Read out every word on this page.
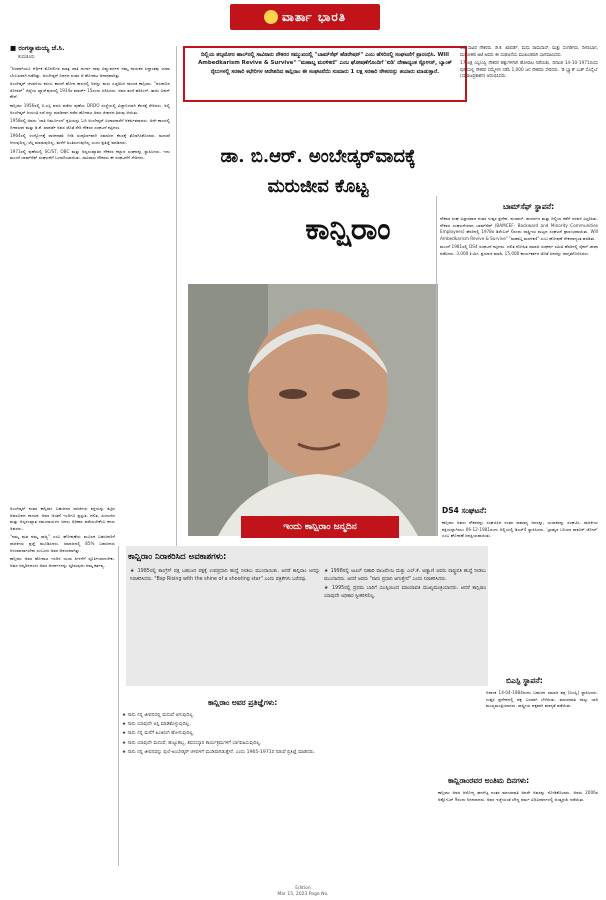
ವಾರ್ತಾ ಭಾರತಿ
■ ರಂಗಸ್ವಾಮಯ್ಯ ಜೆ.ಸಿ.
ತುಮಕೂರು

"ನಿಜವಾಗಿಯೂ ಆರ್ಥಿಕ ಮೊದಲಿಗರ ಮಾತ್ರ ಜಾತಿ ದುರ್ಗಾ ನಾವು ವಿಷ್ಣುವರ್ಧನ ನಮ್ಮ ನಾಯಕರ ಸಿದ್ಧಾಂತವು ಯಾವ ಬೆಂಬಲವಾಗಿ ನಡೆದಿತ್ತು. ಅಂಬೇಡ್ಕರ್ ನಿಧನದ ನಂತರ ಆ ಹೋರಾಟ ಅನಾಥವಾಗಿತ್ತು.

ಅಂಬೇಡ್ಕರ್ ಚಳವಳಿಯ ಕರುಳು ಕಾಣದೆ ಹೋದ ಕಾಲದಲ್ಲಿ ಅದನ್ನು ಮರು ಎಚ್ಚರಿಸಿದ ನಾಯಕ ಕಾನ್ಷಿರಾಂ. "ಪಂಜಾಬಿನ ರೋಪರ್" ಜಿಲ್ಲೆಯ ಖ್ವಾಸ್‌ಪುರದಲ್ಲಿ 1934ರ ಮಾರ್ಚ್ 15ರಂದು ಜನಿಸಿದರು. ಅವರ ತಂದೆ ಹರಿಸಿಂಗ್, ತಾಯಿ ಬಿಷನ್ ಕೌರ್.

ಕಾನ್ಷಿರಾಂ 1956ರಲ್ಲಿ ಬಿ.ಎಸ್ಸಿ ಪದವಿ ಪಡೆದು ಪುಣೆಯ DRDO ಸಂಸ್ಥೆಯಲ್ಲಿ ವಿಜ್ಞಾನಿಯಾಗಿ ಕೆಲಸಕ್ಕೆ ಸೇರಿದರು. ಅಲ್ಲಿ ಅಂಬೇಡ್ಕರ್ ಜಯಂತಿ ರಜೆ ರದ್ದು ಮಾಡಿದಾಗ ನಡೆದ ಹೋರಾಟ ಅವರ ಜೀವನದ ತಿರುವು ಆಯಿತು.

1958ರಲ್ಲಿ ಅವರು 'ಜಾತಿ ನಿರ್ಮೂಲನೆ' ಕೃತಿಯನ್ನು ಓದಿ ಅಂಬೇಡ್ಕರ್ ವಿಚಾರಧಾರೆಗೆ ಆಕರ್ಷಿತರಾದರು. ಅದೇ ಕಾಲದಲ್ಲಿ ದೀನಾಭಾನ ಮತ್ತು ಡಿ.ಕೆ. ಖಾಪರ್ಡೆ ಅವರ ಜೊತೆ ಸೇರಿ ನೌಕರರ ಸಂಘಟನೆ ಕಟ್ಟಿದರು.

1964ರಲ್ಲಿ ಉದ್ಯೋಗಕ್ಕೆ ರಾಜೀನಾಮೆ ನೀಡಿ ಸಂಪೂರ್ಣವಾಗಿ ಸಮಾಜದ ಕೆಲಸಕ್ಕೆ ತೊಡಗಿಸಿಕೊಂಡರು. ಮದುವೆ ಆಗುವುದಿಲ್ಲ, ಆಸ್ತಿ ಮಾಡುವುದಿಲ್ಲ, ಮನೆಗೆ ಹಿಂತಿರುಗುವುದಿಲ್ಲ ಎಂದು ಪ್ರತಿಜ್ಞೆ ಮಾಡಿದರು.

1971ರಲ್ಲಿ ಪುಣೆಯಲ್ಲಿ SC/ST, OBC ಮತ್ತು ಅಲ್ಪಸಂಖ್ಯಾತರ ನೌಕರರ ಕಲ್ಯಾಣ ಸಂಘವನ್ನು ಸ್ಥಾಪಿಸಿದರು. ಇದು ಮುಂದೆ ಬಾಮ್‌ಸೆಫ್ ಸಂಘಟನೆಗೆ ಬುನಾದಿಯಾಯಿತು. ಸಾವಿರಾರು ನೌಕರರು ಈ ಸಂಘಟನೆಗೆ ಸೇರಿದರು.

ಅಂಬೇಡ್ಕರ್ ನಂತರ ಕಾನ್ಷಿರಾಂ ಬಹುಜನರ ರಾಜಕೀಯ ಶಕ್ತಿಯನ್ನು ಕಟ್ಟಿದ ಅಪರೂಪದ ನಾಯಕ. ಅವರ ಚಿಂತನೆ ಇಂದಿಗೂ ಪ್ರಸ್ತುತ. ದಲಿತ, ಹಿಂದುಳಿದ ಮತ್ತು ಅಲ್ಪಸಂಖ್ಯಾತ ಸಮುದಾಯಗಳ ಜನರು ಅಧಿಕಾರ ಪಡೆಯಬೇಕೆಂಬ ಕನಸು ಅವರದು.

"ನಮ್ಮ ಮತ ನಮ್ಮ ರಾಜ್ಯ" ಎಂಬ ಘೋಷಣೆಯ ಮೂಲಕ ಬಹುಜನರಿಗೆ ರಾಜಕೀಯ ಪ್ರಜ್ಞೆ ಮೂಡಿಸಿದರು. ಸಮಾಜದಲ್ಲಿ 85% ಬಹುಜನರು ಆಳುವವರಾಗಬೇಕು ಎಂಬುದು ಅವರ ಆಶಯವಾಗಿತ್ತು.

ಕಾನ್ಷಿರಾಂ ಅವರ ಹೋರಾಟ ಇಂದಿನ ಯುವ ಪೀಳಿಗೆಗೆ ಸ್ಫೂರ್ತಿಯಾಗಬೇಕು. ಅವರ ಜನ್ಮದಿನದಂದು ಅವರ ಆದರ್ಶಗಳನ್ನು ಸ್ಮರಿಸುವುದು ನಮ್ಮ ಕರ್ತವ್ಯ.

ದಿಲ್ಲಿಯ ತಲ್ಕಟೋರ ಹಾಲ್‌ನಲ್ಲಿ ಸಾವಿರಾರು ನೌಕರರ ಸಮ್ಮುಖದಲ್ಲಿ "ಬಾಮ್‌ಸೆಫ್‌ ಹೆಡರೇಷನ್" ಎಂಬ ಹೆಸರಿನಲ್ಲಿ ಸಂಘಟನೆಗೆ ಪ್ರಾರಂಭಿಸಿ. Will Ambedkarism Revive & Survive" "ಮಹಾಬ್ದ ಮರಳಿಕಣಿ" ಎಂಬ ಘೋಷಣೆಗೊಂದಿಗೆ 'ಐಡಿ' ದೇಶಾದ್ಯಂತ ಸ್ಲೋಗನ್, ಬ್ಯಾಂಕ್ ರೈಲುಗಳಲ್ಲಿ ಸರಕಾರಿ ಕಛೇರಿಗಳ ಆದೇಶದಿದ ಕಾನ್ಷಿರಾಂ ಈ ಸಂಘಟನೆಯಿ ಸುಮಾರು 1 ಲಕ್ಷ ಸರಕಾರಿ ನೌಕರರನ್ನು ತಯಾರು ಮಾಡುತ್ತಾರೆ.
ಡಾ. ಬಿ.ಆರ್. ಅಂಬೇಡ್ಕರ್‌ವಾದಕ್ಕೆ
ಮರುಜೀವ ಕೊಟ್ಟ
ಕಾನ್ಷಿರಾಂ
ಇಂದು ಕಾನ್ಷಿರಾಂ ಜನ್ಮದಿನ

50 ಸಾವಿರ ನೌಕರರು. ಡಿ.ಕೆ. ಖಾಪರ್ಡೆ, ಮಧು ರಾಮದಾಸ್, ಮತ್ತು ಸಂಗಡಿಗರು, ದೀನಾಭಾನ, ಮನೋಹರ ಅಟೆ ಅವರು ಈ ಸಂಘಟನೆಯ ಮುಖಂಡರಾಗಿ ಭಾಗವಹಿಸಿದರು.

17 ಲಕ್ಷ ಎಸ್ಸಿ/ಎಸ್ಟಿ ನೌಕರರ ಹಕ್ಕುಗಳಿಗಾಗಿ ಹೋರಾಟ ನಡೆಯಿತು. ದಿನಾಂಕ 14-10-1971ರಂದು ಪುಣೆಯಲ್ಲಿ ನೌಕರರ ಸಮ್ಮೇಳನ ನಡೆಸಿ 1,000 ಜನ ನೌಕರರು ಸೇರಿದರು. 'ಡಿ ಬ್ಲ್ಯಾಕ್ ಬುಕ್ ಸೊಸೈಟಿ' (ಸಮಾಜಪ್ರಕಾಶನ) ಆರಂಭಿಸಿದರು.

ಬಾಮ್‌ಸೆಫ್ ಸ್ಥಾಪನೆ:

ನೌಕರರ ಸಂಘ ವಿಸ್ತಾರವಾದ ನಂತರ ಉತ್ತರ ಪ್ರದೇಶ, ಪಂಜಾಬ್, ಹರ್ಯಾಣ ಮತ್ತು ದಿಲ್ಲಿಯ ಕಡೆಗೆ ಚಳವಳಿ ವಿಸ್ತರಿಸಿತು. ನೌಕರರ ಸಂಘಟನೆಯಾದ ಬಾಮ್‌ಸೆಫ್ (BAMCEF- Backward and Minority Communities Employees) ಹೆಸರಿನಲ್ಲಿ 1978ರ ಡಿಸೆಂಬರ್ 6ರಂದು ರಾಷ್ಟ್ರೀಯ ಮಟ್ಟದ ಸಂಘಟನೆ ಪ್ರಾರಂಭವಾಯಿತು. Will Ambedkarism Revive & Survive" "ಮಹಾಬ್ದ ಮರಳಿಕಣಿ" ಎಂಬ ಘೋಷಣೆ ದೇಶದಾದ್ಯಂತ ಹರಡಿತು.

ಮುಂದೆ 1981ರಲ್ಲಿ DS4 ಸಂಘಟನೆ ಕಟ್ಟಿದರು. ದಲಿತ ಶೋಷಿತ ಸಮಾಜ ಸಂಘರ್ಷ ಸಮಿತಿ ಹೆಸರಿನಲ್ಲಿ ಸೈಕಲ್ ಜಾಥಾ ನಡೆಸಿದರು. 3,000 ಕಿ.ಮೀ. ಪ್ರಯಾಣ ಮಾಡಿ, 15,000 ಕಾರ್ಯಕರ್ತರ ಜೊತೆ ಜನರನ್ನು ಜಾಗೃತಗೊಳಿಸಿದರು.

DS4 ಸಂಘಟನೆ:

ಕಾನ್ಷಿರಾಂ ಅವರು ನೌಕರರನ್ನು ಸಂಘಟಿಸಿದ ನಂತರ ಸಾಮಾನ್ಯ ಜನರನ್ನು, ಯುವಕರನ್ನು ಸಂಘಟಿಸಿ, ರಾಜಕೀಯ ಶಕ್ತಿಯನ್ನಾಗಿಸಲು 06-12-1981ರಂದು ದಿಲ್ಲಿಯಲ್ಲಿ ಡಿಎಸ್4 ಸ್ಥಾಪಿಸಿದರು. 'ಬ್ರಾಹ್ಮಣ ಬನಿಯಾ ಠಾಕೂರ್ ಚೋರ್' ಎಂಬ ಘೋಷಣೆ ಜನಪ್ರಿಯವಾಯಿತು.

ಬಿಎಸ್ಪಿ ಸ್ಥಾಪನೆ:

ದಿನಾಂಕ 14-04-1984ರಂದು ಬಹುಜನ ಸಮಾಜ ಪಕ್ಷ (ಬಿಎಸ್ಪಿ) ಸ್ಥಾಪಿಸಿದರು. ಉತ್ತರ ಪ್ರದೇಶದಲ್ಲಿ ಪಕ್ಷ ಬಲವಾಗಿ ಬೆಳೆಯಿತು. ಮಾಯಾವತಿ ನಾಲ್ಕು ಬಾರಿ ಮುಖ್ಯಮಂತ್ರಿಯಾದರು. ರಾಷ್ಟ್ರೀಯ ಪಕ್ಷವಾಗಿ ಮಾನ್ಯತೆ ಪಡೆಯಿತು.

ಕಾನ್ಷಿರಾಂ ನಿರಾಕರಿಸಿದ ಅವಕಾಶಗಳು:

★ 1985ರಲ್ಲಿ ಕಾಂಗ್ರೆಸ್ ಪಕ್ಷ ಬಹುಜನ ಪಕ್ಷಕ್ಕೆ ಉಪಪ್ರಧಾನಿ ಹುದ್ದೆ ನೀಡಲು ಮುಂದಾಯಿತು. ಆದರೆ ಕಾನ್ಷಿರಾಂ ಅದನ್ನು ನಿರಾಕರಿಸಿದರು. "Bsp Rising with the shine of a shooting star" ಎಂದು ಪತ್ರಿಕೆಗಳು ಬರೆದವು.

★ 1998ರಲ್ಲಿ ಅಟಲ್ ಬಿಹಾರಿ ವಾಜಪೇಯಿ ಮತ್ತು ಎಲ್.ಕೆ. ಅಡ್ವಾಣಿ ಅವರು ರಾಷ್ಟ್ರಪತಿ ಹುದ್ದೆ ನೀಡಲು ಮುಂದಾದರು. ಆದರೆ ಅವರು "ನಾನು ಪ್ರಧಾನಿ ಆಗುತ್ತೇನೆ" ಎಂದು ನಿರಾಕರಿಸಿದರು.

★ 1995ರಲ್ಲಿ ಪ್ರಥಮ ಬಾರಿಗೆ ಬಿಎಸ್ಪಿಯಿಂದ ಮಾಯಾವತಿ ಮುಖ್ಯಮಂತ್ರಿಯಾದರು. ಆದರೆ ಕಾನ್ಷಿರಾಂ ಯಾವುದೇ ಅಧಿಕಾರ ಸ್ವೀಕರಿಸಲಿಲ್ಲ.

ಕಾನ್ಷಿರಾಂ ಅವರ ಪ್ರತಿಜ್ಞೆಗಳು:

★ ನಾನು ನನ್ನ ಜೀವನದಲ್ಲಿ ಮದುವೆ ಆಗುವುದಿಲ್ಲ.

★ ನಾನು ಯಾವುದೇ ಆಸ್ತಿ ಮಾಡಿಕೊಳ್ಳುವುದಿಲ್ಲ.

★ ನಾನು ನನ್ನ ಮನೆಗೆ ಹಿಂತಿರುಗಿ ಹೋಗುವುದಿಲ್ಲ.

★ ನಾನು ಯಾವುದೇ ಮದುವೆ, ಹುಟ್ಟುಹಬ್ಬ, ಶವಸಂಸ್ಕಾರ ಕಾರ್ಯಕ್ರಮಗಳಿಗೆ ಭಾಗವಹಿಸುವುದಿಲ್ಲ.

★ ನಾನು ನನ್ನ ಜೀವನವನ್ನು ಫುಲೆ-ಅಂಬೇಡ್ಕರ್ ಚಳವಳಿಗೆ ಮುಡಿಪಾಗಿಡುತ್ತೇನೆ. ಎಂದು 1965-1971ರ ನಡುವೆ ಪ್ರತಿಜ್ಞೆ ಮಾಡಿದರು.

ಕಾನ್ಷಿರಾಂರವರ ಅಂತಿಮ ದಿನಗಳು:

ಕಾನ್ಷಿರಾಂ ಅವರ ಆರೋಗ್ಯ ಹದಗೆಟ್ಟ ನಂತರ ಮಾಯಾವತಿ ಅವರೇ ಅವರನ್ನು ನೋಡಿಕೊಂಡರು. ಅವರು 2006ರ ಅಕ್ಟೋಬರ್ 9ರಂದು ನಿಧನರಾದರು. ಅವರ ಇಚ್ಛೆಯಂತೆ ಬೌದ್ಧ ಧರ್ಮ ವಿಧಿವಿಧಾನಗಳಲ್ಲಿ ಅಂತ್ಯಕ್ರಿಯೆ ನಡೆಯಿತು.

Edition
Mar 15, 2023 Page No.
